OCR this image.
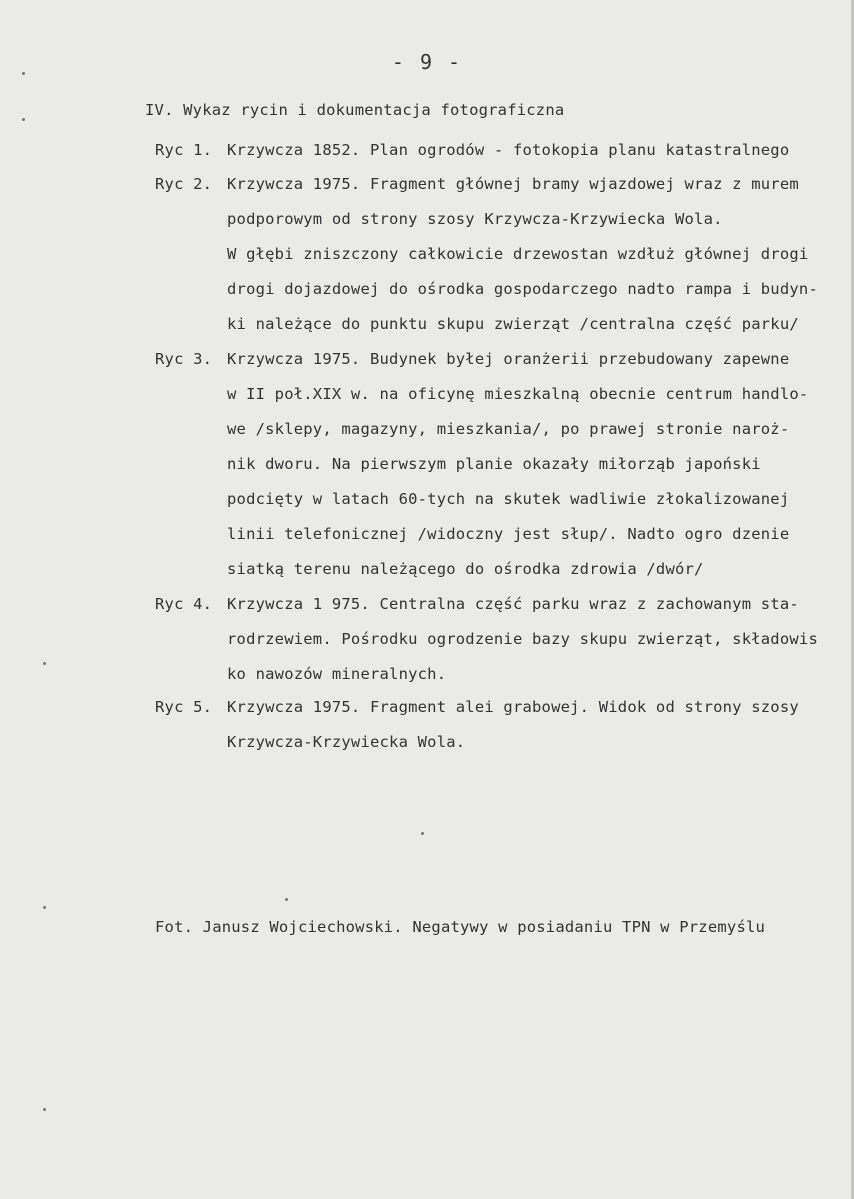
- 9 -
IV. Wykaz rycin i dokumentacja fotograficzna
Ryc 1. Krzywcza 1852. Plan ogrodów - fotokopia planu katastralnego
Ryc 2. Krzywcza 1975. Fragment głównej bramy wjazdowej wraz z murem
podporowym od strony szosy Krzywcza-Krzywiecka Wola.
W głębi zniszczony całkowicie drzewostan wzdłuż głównej drogi
drogi dojazdowej do ośrodka gospodarczego nadto rampa i budyn-
ki należące do punktu skupu zwierząt /centralna część parku/
Ryc 3. Krzywcza 1975. Budynek byłej oranżerii przebudowany zapewne
w II poł.XIX w. na oficynę mieszkalną obecnie centrum handlo-
we /sklepy, magazyny, mieszkania/, po prawej stronie naroż-
nik dworu. Na pierwszym planie okazały miłorząb japoński
podcięty w latach 60-tych na skutek wadliwie złokalizowanej
linii telefonicznej /widoczny jest słup/. Nadto ogro dzenie
siatką terenu należącego do ośrodka zdrowia /dwór/
Ryc 4. Krzywcza 1 975. Centralna część parku wraz z zachowanym sta-
rodrzewiem. Pośrodku ogrodzenie bazy skupu zwierząt, składowis
ko nawozów mineralnych.
Ryc 5. Krzywcza 1975. Fragment alei grabowej. Widok od strony szosy
Krzywcza-Krzywiecka Wola.
Fot. Janusz Wojciechowski. Negatywy w posiadaniu TPN w Przemyślu
